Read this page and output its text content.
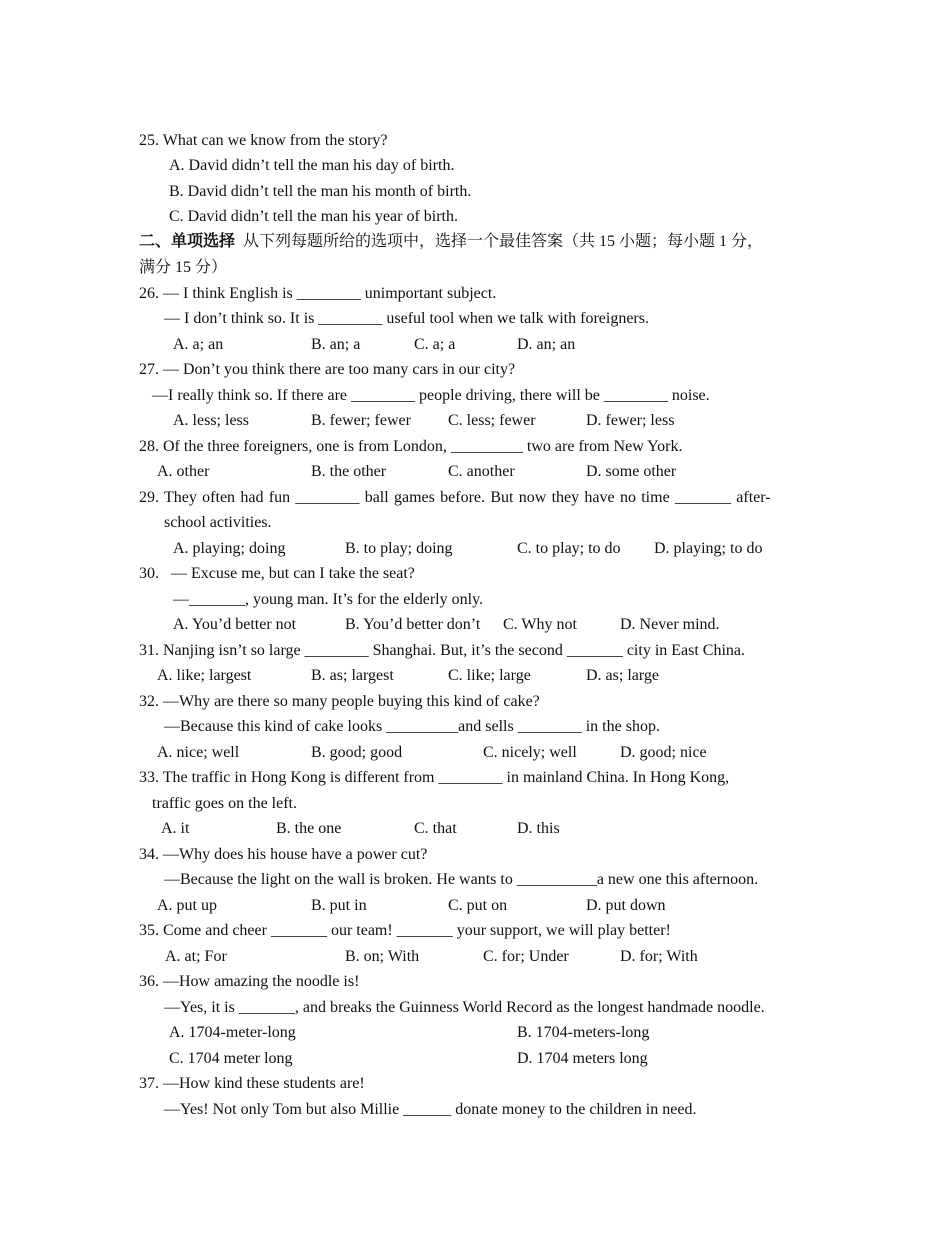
25. What can we know from the story?
A. David didn’t tell the man his day of birth.
B. David didn’t tell the man his month of birth.
C. David didn’t tell the man his year of birth.
二、单项选择  从下列每题所给的选项中，选择一个最佳答案（共 15 小题；每小题 1 分，
满分 15 分）
26. — I think English is ________ unimportant subject.
— I don’t think so. It is ________ useful tool when we talk with foreigners.
A. a; an	B. an; a	C. a; a	D. an; an
27. — Don’t you think there are too many cars in our city?
—I really think so. If there are ________ people driving, there will be ________ noise.
A. less; less	B. fewer; fewer C. less; fewer	D. fewer; less
28. Of the three foreigners, one is from London, _________ two are from New York.
A. other	B. the other	C. another	D. some other
29. They often had fun ________ ball games before. But now they have no time _______ after-
school activities.
A. playing; doing	B. to play; doing	C. to play; to do D. playing; to do
30.   — Excuse me, but can I take the seat?
—_______, young man. It’s for the elderly only.
A. You’d better not	B. You’d better don’t C. Why not	D. Never mind.
31. Nanjing isn’t so large ________ Shanghai. But, it’s the second _______ city in East China.
A. like; largest	B. as; largest	C. like; large	D. as; large
32. —Why are there so many people buying this kind of cake?
—Because this kind of cake looks _________and sells ________ in the shop.
A. nice; well	B. good; good	C. nicely; well	D. good; nice
33. The traffic in Hong Kong is different from ________ in mainland China. In Hong Kong,
traffic goes on the left.
A. it	B. the one	C. that	D. this
34. —Why does his house have a power cut?
—Because the light on the wall is broken. He wants to __________a new one this afternoon.
A. put up	B. put in	C. put on	D. put down
35. Come and cheer _______ our team! _______ your support, we will play better!
A. at; For	B. on; With	C. for; Under	D. for; With
36. —How amazing the noodle is!
—Yes, it is _______, and breaks the Guinness World Record as the longest handmade noodle.
A. 1704-meter-long	B. 1704-meters-long
C. 1704 meter long	D. 1704 meters long
37. —How kind these students are!
—Yes! Not only Tom but also Millie ______ donate money to the children in need.
